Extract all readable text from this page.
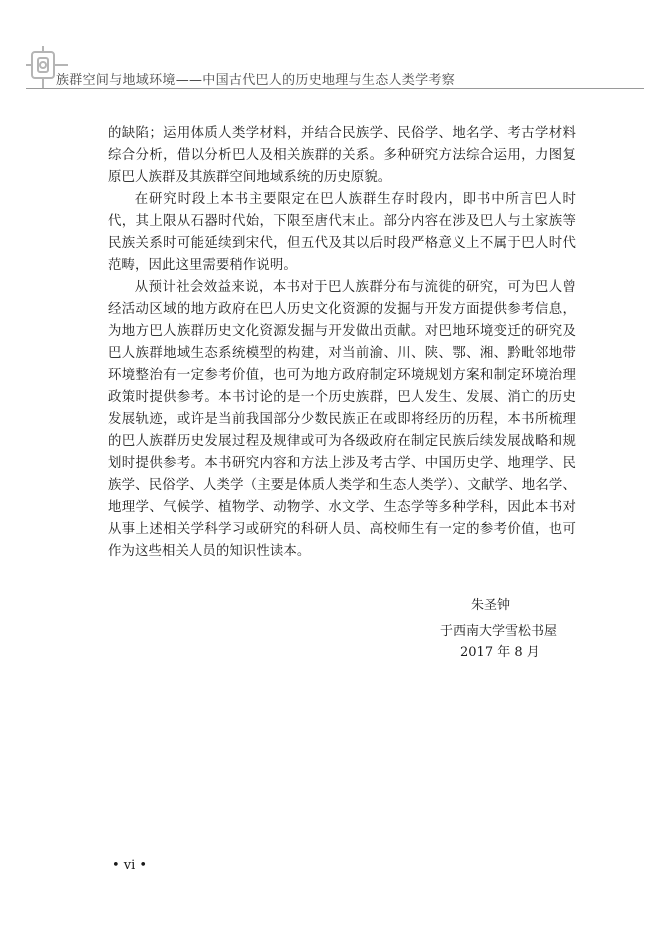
族群空间与地域环境——中国古代巴人的历史地理与生态人类学考察

的缺陷；运用体质人类学材料，并结合民族学、民俗学、地名学、考古学材料综合分析，借以分析巴人及相关族群的关系。多种研究方法综合运用，力图复原巴人族群及其族群空间地域系统的历史原貌。

在研究时段上本书主要限定在巴人族群生存时段内，即书中所言巴人时代，其上限从石器时代始，下限至唐代末止。部分内容在涉及巴人与土家族等民族关系时可能延续到宋代，但五代及其以后时段严格意义上不属于巴人时代范畴，因此这里需要稍作说明。

从预计社会效益来说，本书对于巴人族群分布与流徙的研究，可为巴人曾经活动区域的地方政府在巴人历史文化资源的发掘与开发方面提供参考信息，为地方巴人族群历史文化资源发掘与开发做出贡献。对巴地环境变迁的研究及巴人族群地域生态系统模型的构建，对当前渝、川、陕、鄂、湘、黔毗邻地带环境整治有一定参考价值，也可为地方政府制定环境规划方案和制定环境治理政策时提供参考。本书讨论的是一个历史族群，巴人发生、发展、消亡的历史发展轨迹，或许是当前我国部分少数民族正在或即将经历的历程，本书所梳理的巴人族群历史发展过程及规律或可为各级政府在制定民族后续发展战略和规划时提供参考。本书研究内容和方法上涉及考古学、中国历史学、地理学、民族学、民俗学、人类学（主要是体质人类学和生态人类学）、文献学、地名学、地理学、气候学、植物学、动物学、水文学、生态学等多种学科，因此本书对从事上述相关学科学习或研究的科研人员、高校师生有一定的参考价值，也可作为这些相关人员的知识性读本。

朱圣钟
于西南大学雪松书屋
2017 年 8 月
• vi •
